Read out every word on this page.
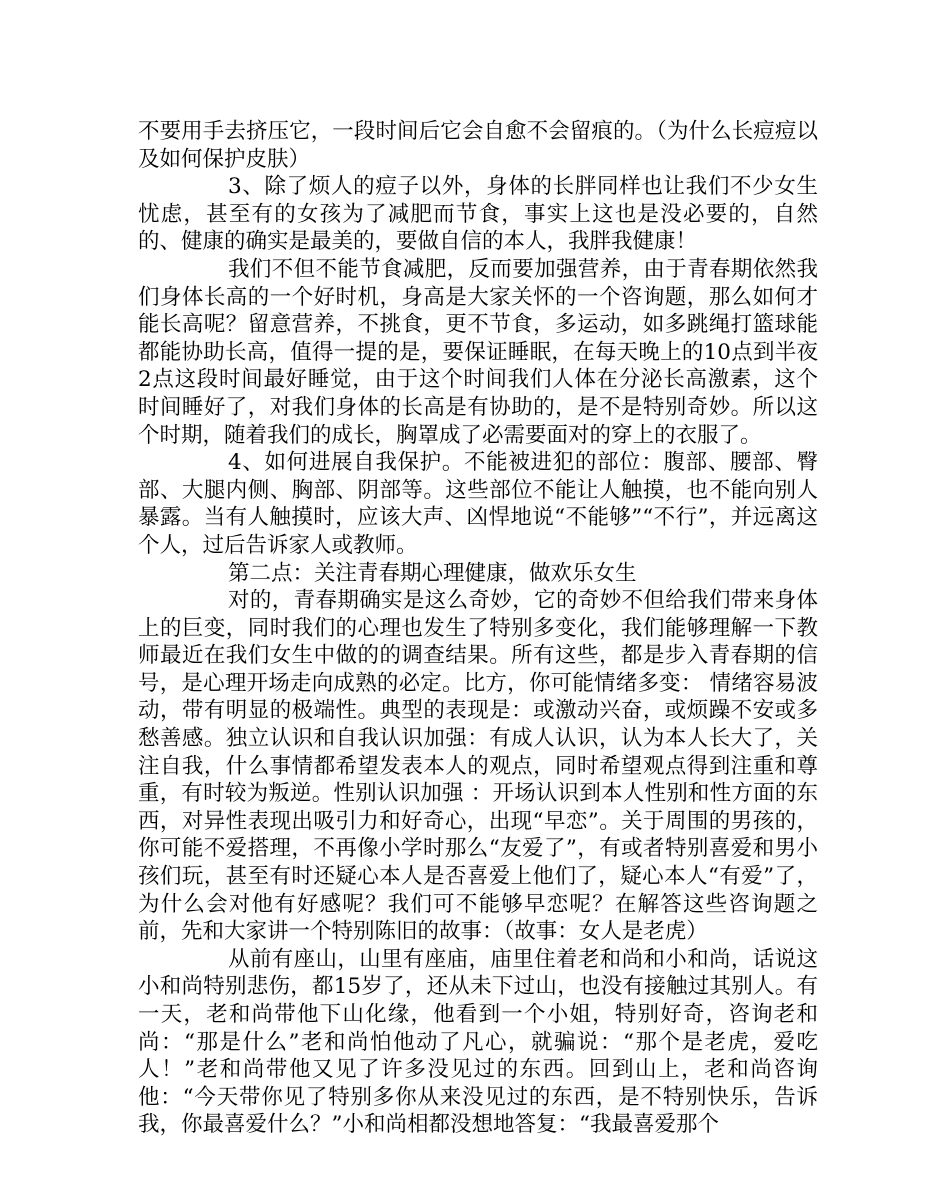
不要用手去挤压它，一段时间后它会自愈不会留痕的。（为什么长痘痘以及如何保护皮肤）

3、除了烦人的痘子以外，身体的长胖同样也让我们不少女生忧虑，甚至有的女孩为了减肥而节食，事实上这也是没必要的，自然的、健康的确实是最美的，要做自信的本人，我胖我健康！

我们不但不能节食减肥，反而要加强营养，由于青春期依然我们身体长高的一个好时机，身高是大家关怀的一个咨询题，那么如何才能长高呢？留意营养，不挑食，更不节食，多运动，如多跳绳打篮球能都能协助长高，值得一提的是，要保证睡眠，在每天晚上的10点到半夜2点这段时间最好睡觉，由于这个时间我们人体在分泌长高激素，这个时间睡好了，对我们身体的长高是有协助的，是不是特别奇妙。所以这个时期，随着我们的成长，胸罩成了必需要面对的穿上的衣服了。

4、如何进展自我保护。不能被进犯的部位：腹部、腰部、臀部、大腿内侧、胸部、阴部等。这些部位不能让人触摸，也不能向别人暴露。当有人触摸时，应该大声、凶悍地说“不能够”“不行”，并远离这个人，过后告诉家人或教师。

第二点：关注青春期心理健康，做欢乐女生

对的，青春期确实是这么奇妙，它的奇妙不但给我们带来身体上的巨变，同时我们的心理也发生了特别多变化，我们能够理解一下教师最近在我们女生中做的的调查结果。所有这些，都是步入青春期的信号，是心理开场走向成熟的必定。比方，你可能情绪多变： 情绪容易波动，带有明显的极端性。典型的表现是：或激动兴奋，或烦躁不安或多愁善感。独立认识和自我认识加强：有成人认识，认为本人长大了，关注自我，什么事情都希望发表本人的观点，同时希望观点得到注重和尊重，有时较为叛逆。性别认识加强 ：开场认识到本人性别和性方面的东西，对异性表现出吸引力和好奇心，出现“早恋”。关于周围的男孩的，你可能不爱搭理，不再像小学时那么“友爱了”，有或者特别喜爱和男小孩们玩，甚至有时还疑心本人是否喜爱上他们了，疑心本人“有爱”了，为什么会对他有好感呢？我们可不能够早恋呢？在解答这些咨询题之前，先和大家讲一个特别陈旧的故事：（故事：女人是老虎）

从前有座山，山里有座庙，庙里住着老和尚和小和尚，话说这小和尚特别悲伤，都15岁了，还从未下过山，也没有接触过其别人。有一天，老和尚带他下山化缘，他看到一个小姐，特别好奇，咨询老和尚：“那是什么”老和尚怕他动了凡心，就骗说：“那个是老虎，爱吃人！”老和尚带他又见了许多没见过的东西。回到山上，老和尚咨询他：“今天带你见了特别多你从来没见过的东西，是不特别快乐，告诉我，你最喜爱什么？”小和尚相都没想地答复：“我最喜爱那个
